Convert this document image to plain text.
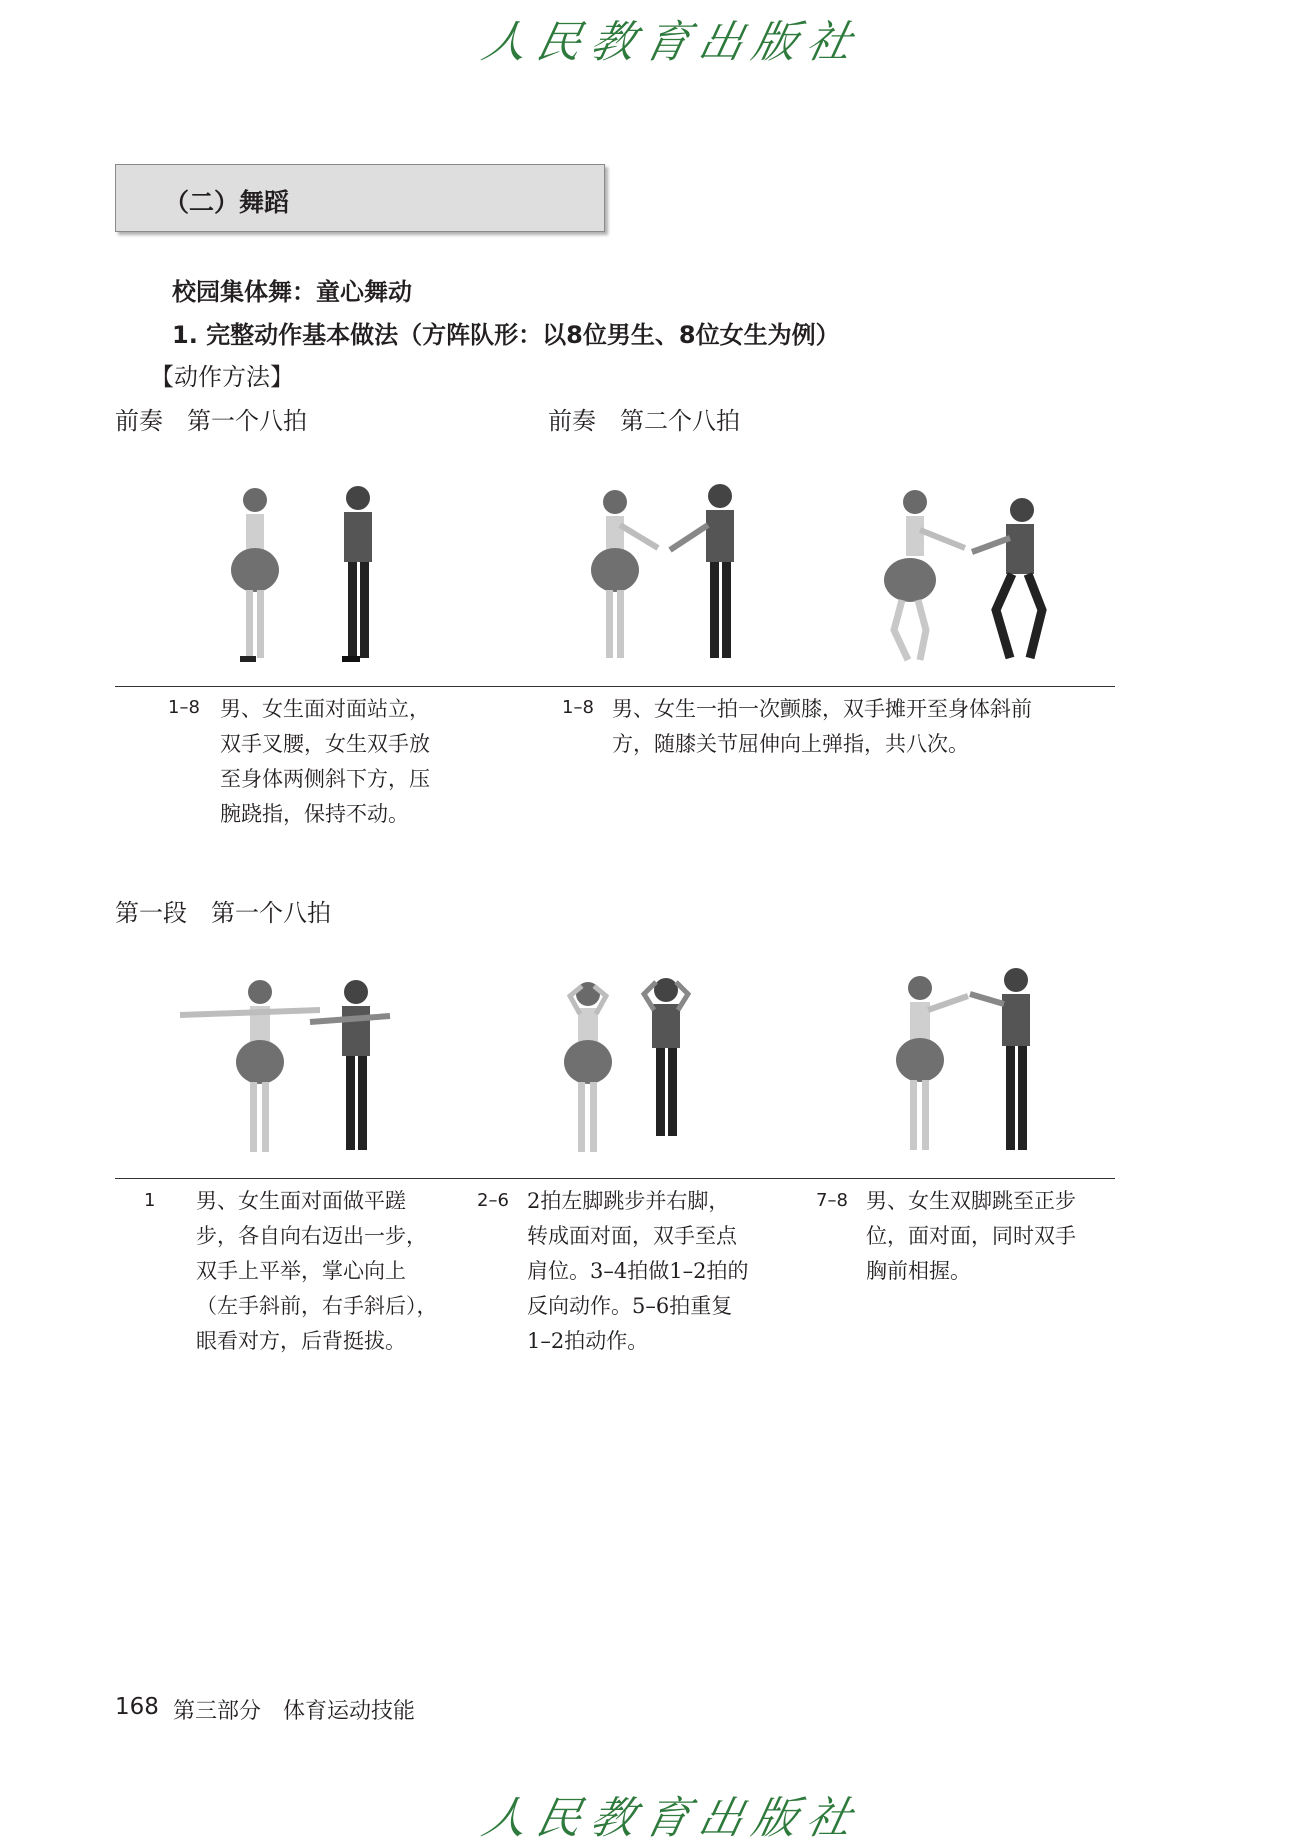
人民教育出版社
（二）舞蹈
校园集体舞：童心舞动
1. 完整动作基本做法（方阵队形：以8位男生、8位女生为例）
【动作方法】
前奏　第一个八拍	前奏　第二个八拍
1–8 男、女生面对面站立，
双手叉腰，女生双手放
至身体两侧斜下方，压
腕跷指，保持不动。
1–8 男、女生一拍一次颤膝，双手摊开至身体斜前
方，随膝关节屈伸向上弹指，共八次。
第一段　第一个八拍
1 男、女生面对面做平蹉
步，各自向右迈出一步，
双手上平举，掌心向上
（左手斜前，右手斜后），
眼看对方，后背挺拔。
2–6 2拍左脚跳步并右脚，
转成面对面，双手至点
肩位。3–4拍做1–2拍的
反向动作。5–6拍重复
1–2拍动作。
7–8 男、女生双脚跳至正步
位，面对面，同时双手
胸前相握。
168 第三部分　体育运动技能
人民教育出版社
